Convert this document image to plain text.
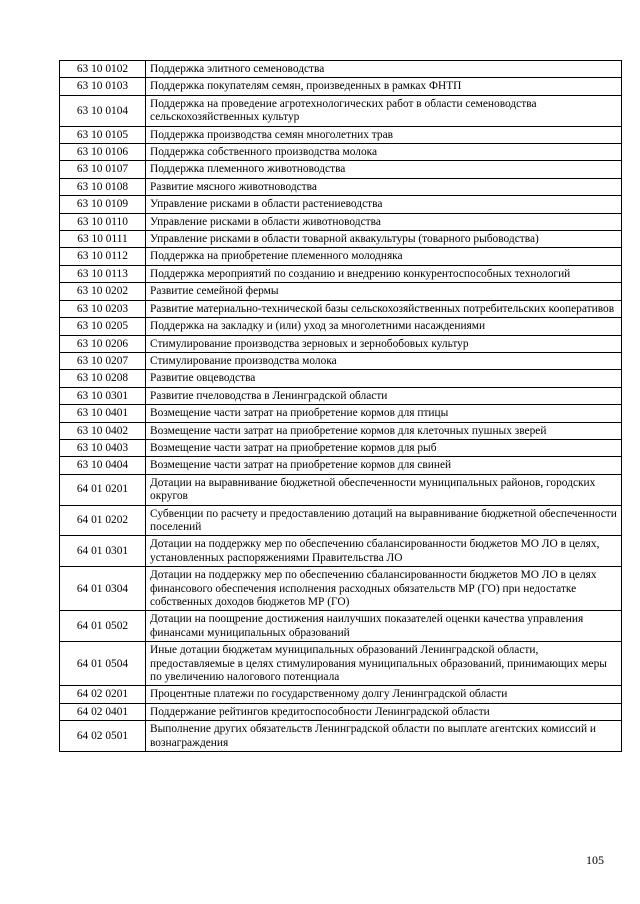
63 10 0102	Поддержка элитного семеноводства
63 10 0103	Поддержка покупателям семян, произведенных в рамках ФНТП
63 10 0104	Поддержка на проведение агротехнологических работ в области семеноводства сельскохозяйственных культур
63 10 0105	Поддержка производства семян многолетних трав
63 10 0106	Поддержка собственного производства молока
63 10 0107	Поддержка племенного животноводства
63 10 0108	Развитие мясного животноводства
63 10 0109	Управление рисками в области растениеводства
63 10 0110	Управление рисками в области животноводства
63 10 0111	Управление рисками в области товарной аквакультуры (товарного рыбоводства)
63 10 0112	Поддержка на приобретение племенного молодняка
63 10 0113	Поддержка мероприятий по созданию и внедрению конкурентоспособных технологий
63 10 0202	Развитие семейной фермы
63 10 0203	Развитие материально-технической базы сельскохозяйственных потребительских кооперативов
63 10 0205	Поддержка на закладку и (или) уход за многолетними насаждениями
63 10 0206	Стимулирование производства зерновых и зернобобовых культур
63 10 0207	Стимулирование производства молока
63 10 0208	Развитие овцеводства
63 10 0301	Развитие пчеловодства в Ленинградской области
63 10 0401	Возмещение части затрат на приобретение кормов для птицы
63 10 0402	Возмещение части затрат на приобретение кормов для клеточных пушных зверей
63 10 0403	Возмещение части затрат на приобретение кормов для рыб
63 10 0404	Возмещение части затрат на приобретение кормов для свиней
64 01 0201	Дотации на выравнивание бюджетной обеспеченности муниципальных районов, городских округов
64 01 0202	Субвенции по расчету и предоставлению дотаций на выравнивание бюджетной обеспеченности поселений
64 01 0301	Дотации на поддержку мер по обеспечению сбалансированности бюджетов МО ЛО в целях, установленных распоряжениями Правительства ЛО
64 01 0304	Дотации на поддержку мер по обеспечению сбалансированности бюджетов МО ЛО в целях финансового обеспечения исполнения расходных обязательств МР (ГО) при недостатке собственных доходов бюджетов МР (ГО)
64 01 0502	Дотации на поощрение достижения наилучших показателей оценки качества управления финансами муниципальных образований
64 01 0504	Иные дотации бюджетам муниципальных образований Ленинградской области, предоставляемые в целях стимулирования муниципальных образований, принимающих меры по увеличению налогового потенциала
64 02 0201	Процентные платежи по государственному долгу Ленинградской области
64 02 0401	Поддержание рейтингов кредитоспособности Ленинградской области
64 02 0501	Выполнение других обязательств Ленинградской области по выплате агентских комиссий и вознаграждения
105
